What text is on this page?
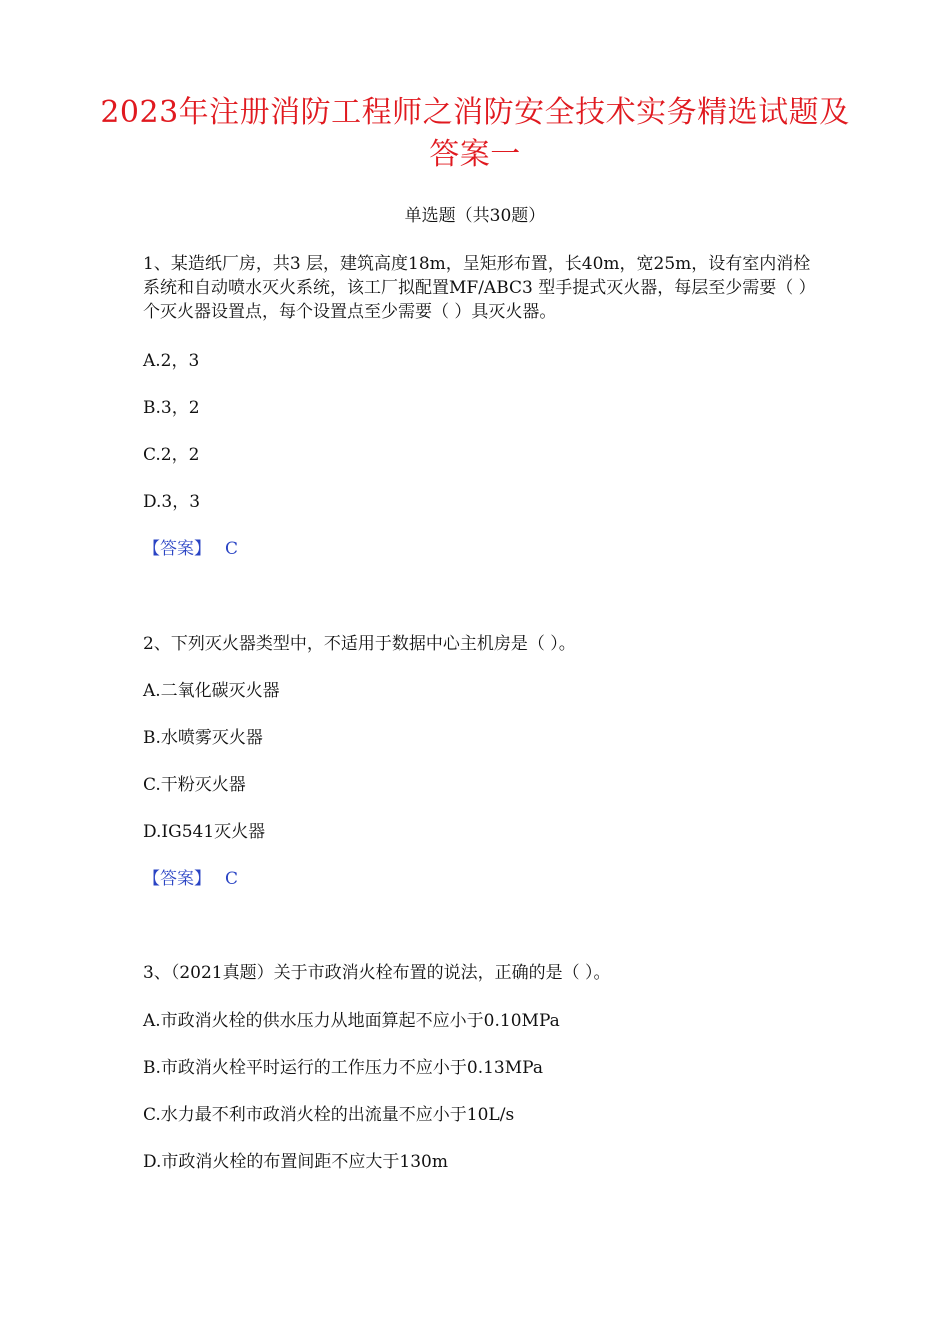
2023年注册消防工程师之消防安全技术实务精选试题及答案一
单选题（共30题）
1、某造纸厂房，共3 层，建筑高度18m，呈矩形布置，长40m，宽25m，设有室内消栓系统和自动喷水灭火系统，该工厂拟配置MF/ABC3 型手提式灭火器，每层至少需要（ ）个灭火器设置点，每个设置点至少需要（ ）具灭火器。
A.2，3
B.3，2
C.2，2
D.3，3
【答案】 C
2、下列灭火器类型中，不适用于数据中心主机房是（ ）。
A.二氧化碳灭火器
B.水喷雾灭火器
C.干粉灭火器
D.IG541灭火器
【答案】 C
3、（2021真题）关于市政消火栓布置的说法，正确的是（ ）。
A.市政消火栓的供水压力从地面算起不应小于0.10MPa
B.市政消火栓平时运行的工作压力不应小于0.13MPa
C.水力最不利市政消火栓的出流量不应小于10L/s
D.市政消火栓的布置间距不应大于130m
